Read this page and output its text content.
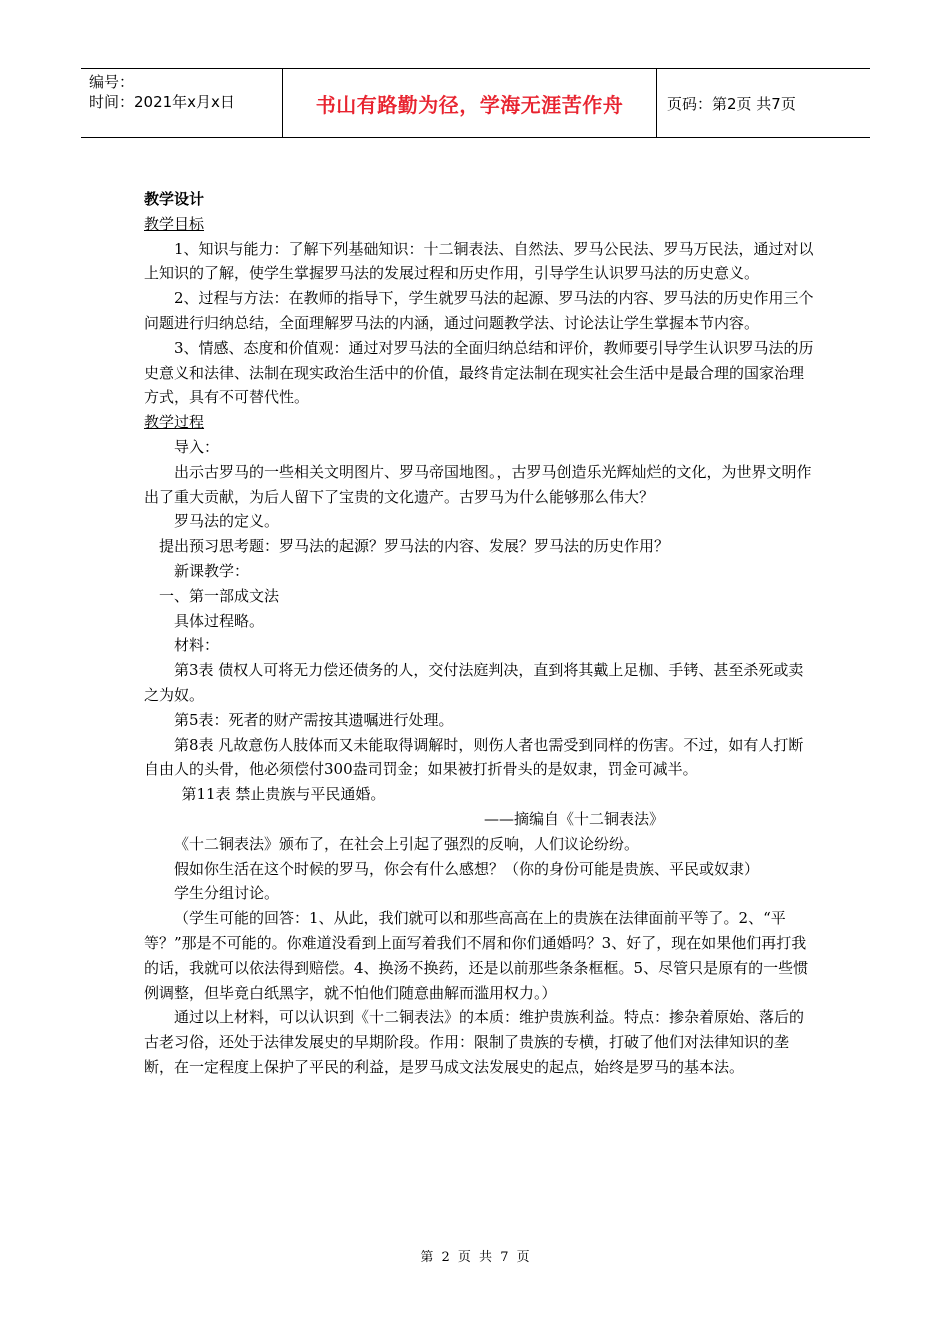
编号：
时间：2021年x月x日	书山有路勤为径，学海无涯苦作舟	页码：第2页 共7页

教学设计

教学目标

1、知识与能力：了解下列基础知识：十二铜表法、自然法、罗马公民法、罗马万民法，通过对以上知识的了解，使学生掌握罗马法的发展过程和历史作用，引导学生认识罗马法的历史意义。

2、过程与方法：在教师的指导下，学生就罗马法的起源、罗马法的内容、罗马法的历史作用三个问题进行归纳总结，全面理解罗马法的内涵，通过问题教学法、讨论法让学生掌握本节内容。

3、情感、态度和价值观：通过对罗马法的全面归纳总结和评价，教师要引导学生认识罗马法的历史意义和法律、法制在现实政治生活中的价值，最终肯定法制在现实社会生活中是最合理的国家治理方式，具有不可替代性。

教学过程

导入：

出示古罗马的一些相关文明图片、罗马帝国地图。，古罗马创造乐光辉灿烂的文化，为世界文明作出了重大贡献，为后人留下了宝贵的文化遗产。古罗马为什么能够那么伟大？

罗马法的定义。

提出预习思考题：罗马法的起源？罗马法的内容、发展？罗马法的历史作用？

新课教学：

一、第一部成文法

具体过程略。

材料：

第3表 债权人可将无力偿还债务的人，交付法庭判决，直到将其戴上足枷、手铐、甚至杀死或卖之为奴。

第5表：死者的财产需按其遗嘱进行处理。

第8表 凡故意伤人肢体而又未能取得调解时，则伤人者也需受到同样的伤害。不过，如有人打断自由人的头骨，他必须偿付300盎司罚金；如果被打折骨头的是奴隶，罚金可减半。

第11表 禁止贵族与平民通婚。

——摘编自《十二铜表法》

《十二铜表法》颁布了，在社会上引起了强烈的反响，人们议论纷纷。

假如你生活在这个时候的罗马，你会有什么感想？（你的身份可能是贵族、平民或奴隶）

学生分组讨论。

（学生可能的回答：1、从此，我们就可以和那些高高在上的贵族在法律面前平等了。2、“平等？”那是不可能的。你难道没看到上面写着我们不屑和你们通婚吗？3、好了，现在如果他们再打我的话，我就可以依法得到赔偿。4、换汤不换药，还是以前那些条条框框。5、尽管只是原有的一些惯例调整，但毕竟白纸黑字，就不怕他们随意曲解而滥用权力。）

通过以上材料，可以认识到《十二铜表法》的本质：维护贵族利益。特点：掺杂着原始、落后的古老习俗，还处于法律发展史的早期阶段。作用：限制了贵族的专横，打破了他们对法律知识的垄断，在一定程度上保护了平民的利益，是罗马成文法发展史的起点，始终是罗马的基本法。

第 2 页 共 7 页
